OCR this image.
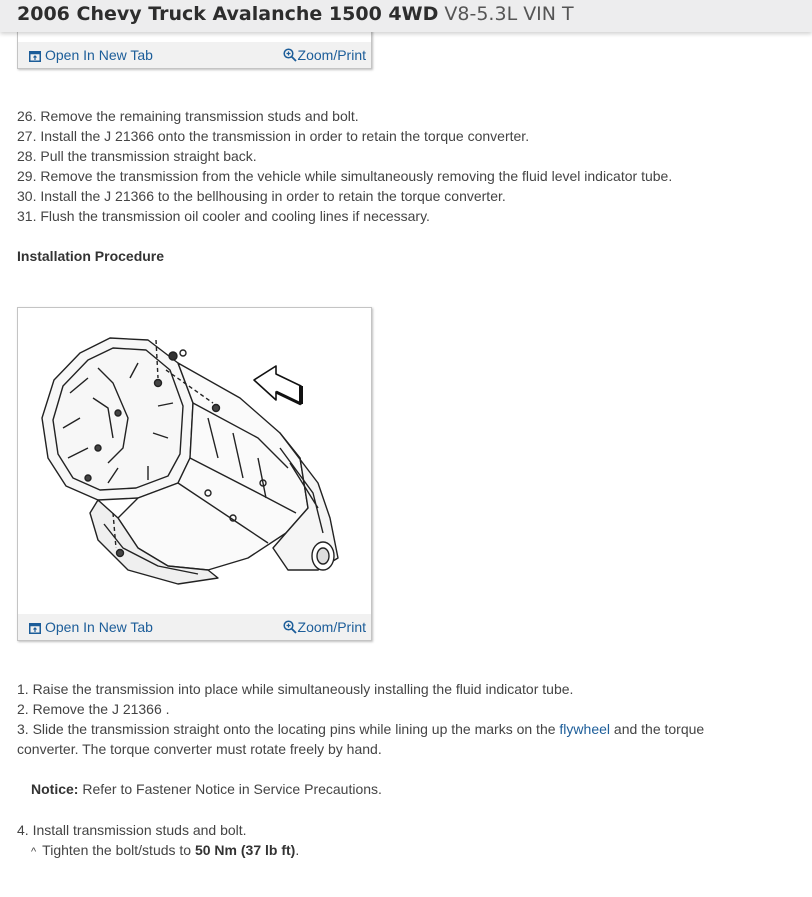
2006 Chevy Truck Avalanche 1500 4WD V8-5.3L VIN T
Open In New Tab	Zoom/Print
26. Remove the remaining transmission studs and bolt.
27. Install the J 21366 onto the transmission in order to retain the torque converter.
28. Pull the transmission straight back.
29. Remove the transmission from the vehicle while simultaneously removing the fluid level indicator tube.
30. Install the J 21366 to the bellhousing in order to retain the torque converter.
31. Flush the transmission oil cooler and cooling lines if necessary.
Installation Procedure
Open In New Tab	Zoom/Print
1. Raise the transmission into place while simultaneously installing the fluid indicator tube.
2. Remove the J 21366 .
3. Slide the transmission straight onto the locating pins while lining up the marks on the flywheel and the torque
converter. The torque converter must rotate freely by hand.
Notice: Refer to Fastener Notice in Service Precautions.
4. Install transmission studs and bolt.
^ Tighten the bolt/studs to 50 Nm (37 lb ft).
